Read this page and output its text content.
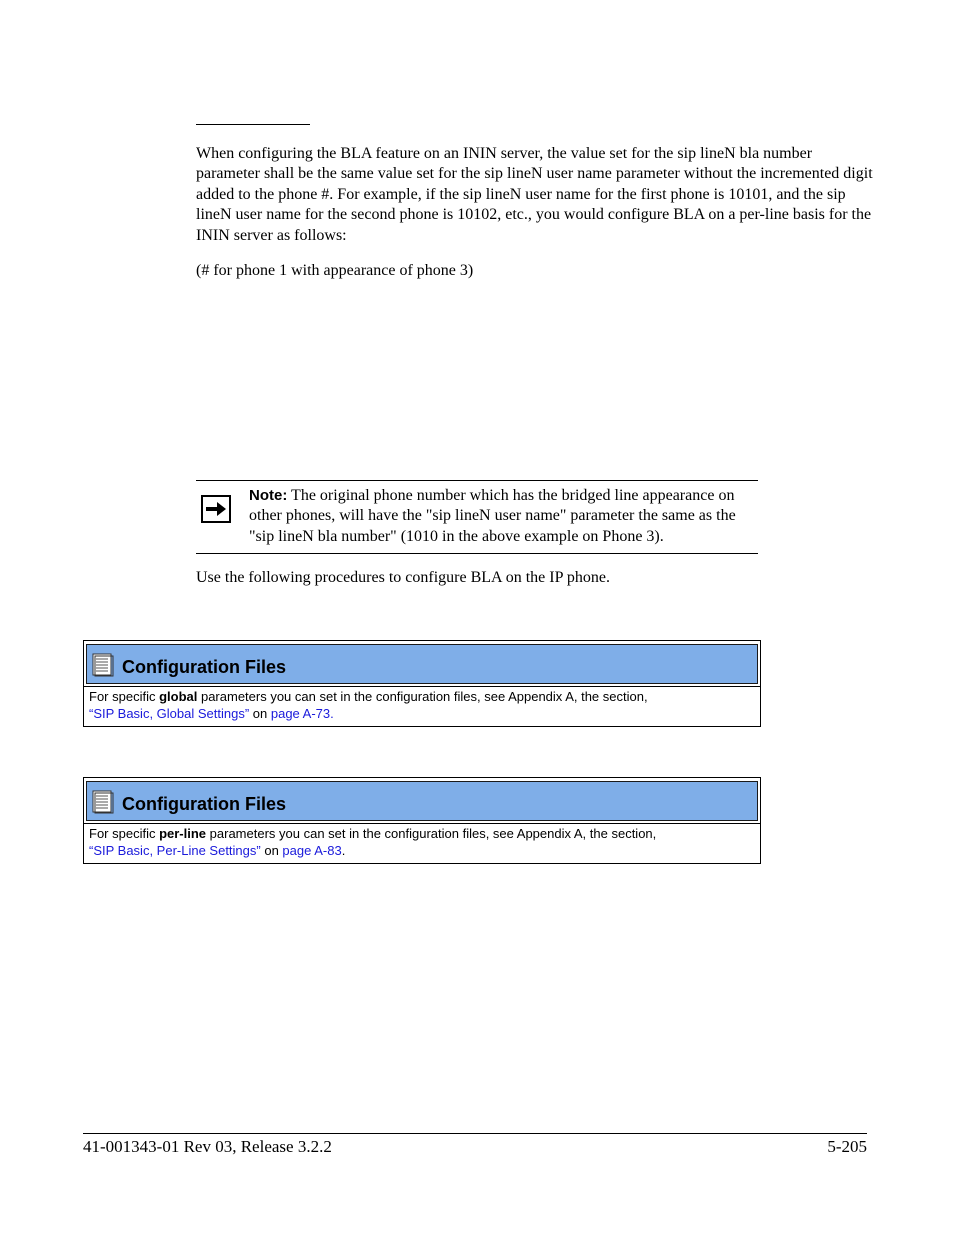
When configuring the BLA feature on an ININ server, the value set for the sip lineN bla number parameter shall be the same value set for the sip lineN user name parameter without the incremented digit added to the phone #. For example, if the sip lineN user name for the first phone is 10101, and the sip lineN user name for the second phone is 10102, etc., you would configure BLA on a per-line basis for the ININ server as follows:
(# for phone 1 with appearance of phone 3)
Note: The original phone number which has the bridged line appearance on other phones, will have the "sip lineN user name" parameter the same as the "sip lineN bla number" (1010 in the above example on Phone 3).
Use the following procedures to configure BLA on the IP phone.
Configuration Files
For specific global parameters you can set in the configuration files, see Appendix A, the section,
“SIP Basic, Global Settings” on page A-73.
Configuration Files
For specific per-line parameters you can set in the configuration files, see Appendix A, the section,
“SIP Basic, Per-Line Settings” on page A-83.
41-001343-01 Rev 03, Release 3.2.2	5-205
